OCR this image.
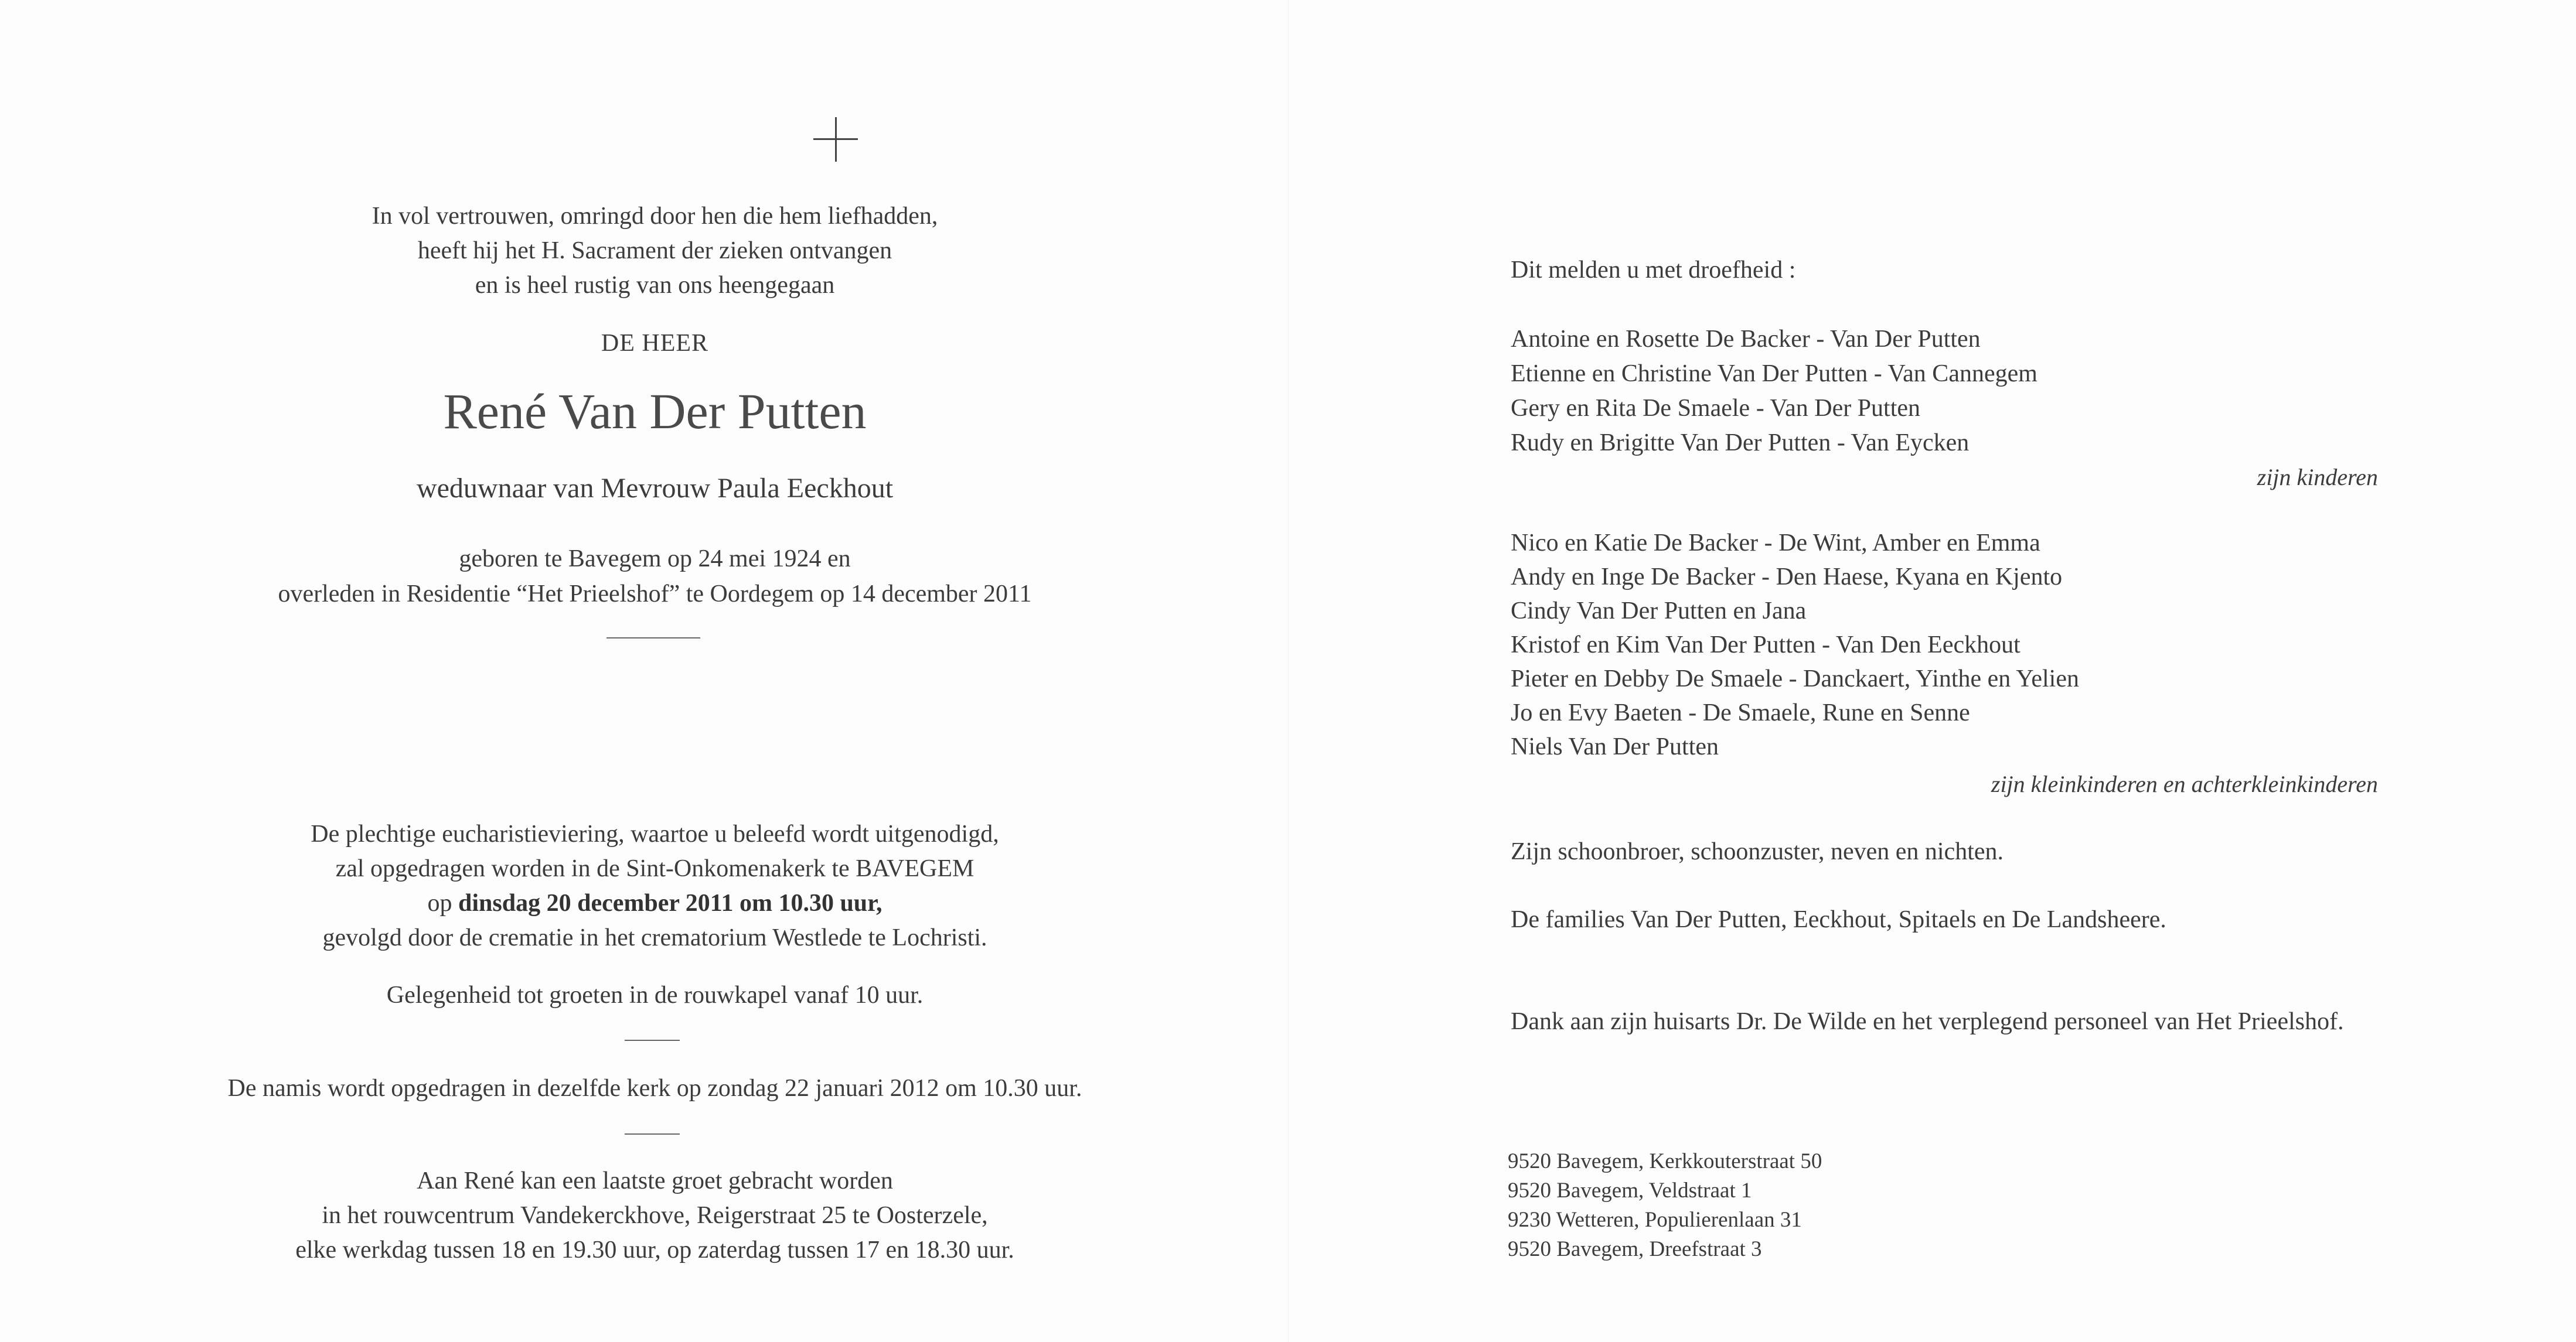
In vol vertrouwen, omringd door hen die hem liefhadden,
heeft hij het H. Sacrament der zieken ontvangen
en is heel rustig van ons heengegaan
DE HEER
René Van Der Putten
weduwnaar van Mevrouw Paula Eeckhout
geboren te Bavegem op 24 mei 1924 en
overleden in Residentie “Het Prieelshof” te Oordegem op 14 december 2011
De plechtige eucharistieviering, waartoe u beleefd wordt uitgenodigd,
zal opgedragen worden in de Sint-Onkomenakerk te BAVEGEM
op dinsdag 20 december 2011 om 10.30 uur,
gevolgd door de crematie in het crematorium Westlede te Lochristi.
Gelegenheid tot groeten in de rouwkapel vanaf 10 uur.
De namis wordt opgedragen in dezelfde kerk op zondag 22 januari 2012 om 10.30 uur.
Aan René kan een laatste groet gebracht worden
in het rouwcentrum Vandekerckhove, Reigerstraat 25 te Oosterzele,
elke werkdag tussen 18 en 19.30 uur, op zaterdag tussen 17 en 18.30 uur.
Dit melden u met droefheid :
Antoine en Rosette De Backer - Van Der Putten
Etienne en Christine Van Der Putten - Van Cannegem
Gery en Rita De Smaele - Van Der Putten
Rudy en Brigitte Van Der Putten - Van Eycken
zijn kinderen
Nico en Katie De Backer - De Wint, Amber en Emma
Andy en Inge De Backer - Den Haese, Kyana en Kjento
Cindy Van Der Putten en Jana
Kristof en Kim Van Der Putten - Van Den Eeckhout
Pieter en Debby De Smaele - Danckaert, Yinthe en Yelien
Jo en Evy Baeten - De Smaele, Rune en Senne
Niels Van Der Putten
zijn kleinkinderen en achterkleinkinderen
Zijn schoonbroer, schoonzuster, neven en nichten.
De families Van Der Putten, Eeckhout, Spitaels en De Landsheere.
Dank aan zijn huisarts Dr. De Wilde en het verplegend personeel van Het Prieelshof.
9520 Bavegem, Kerkkouterstraat 50
9520 Bavegem, Veldstraat 1
9230 Wetteren, Populierenlaan 31
9520 Bavegem, Dreefstraat 3
